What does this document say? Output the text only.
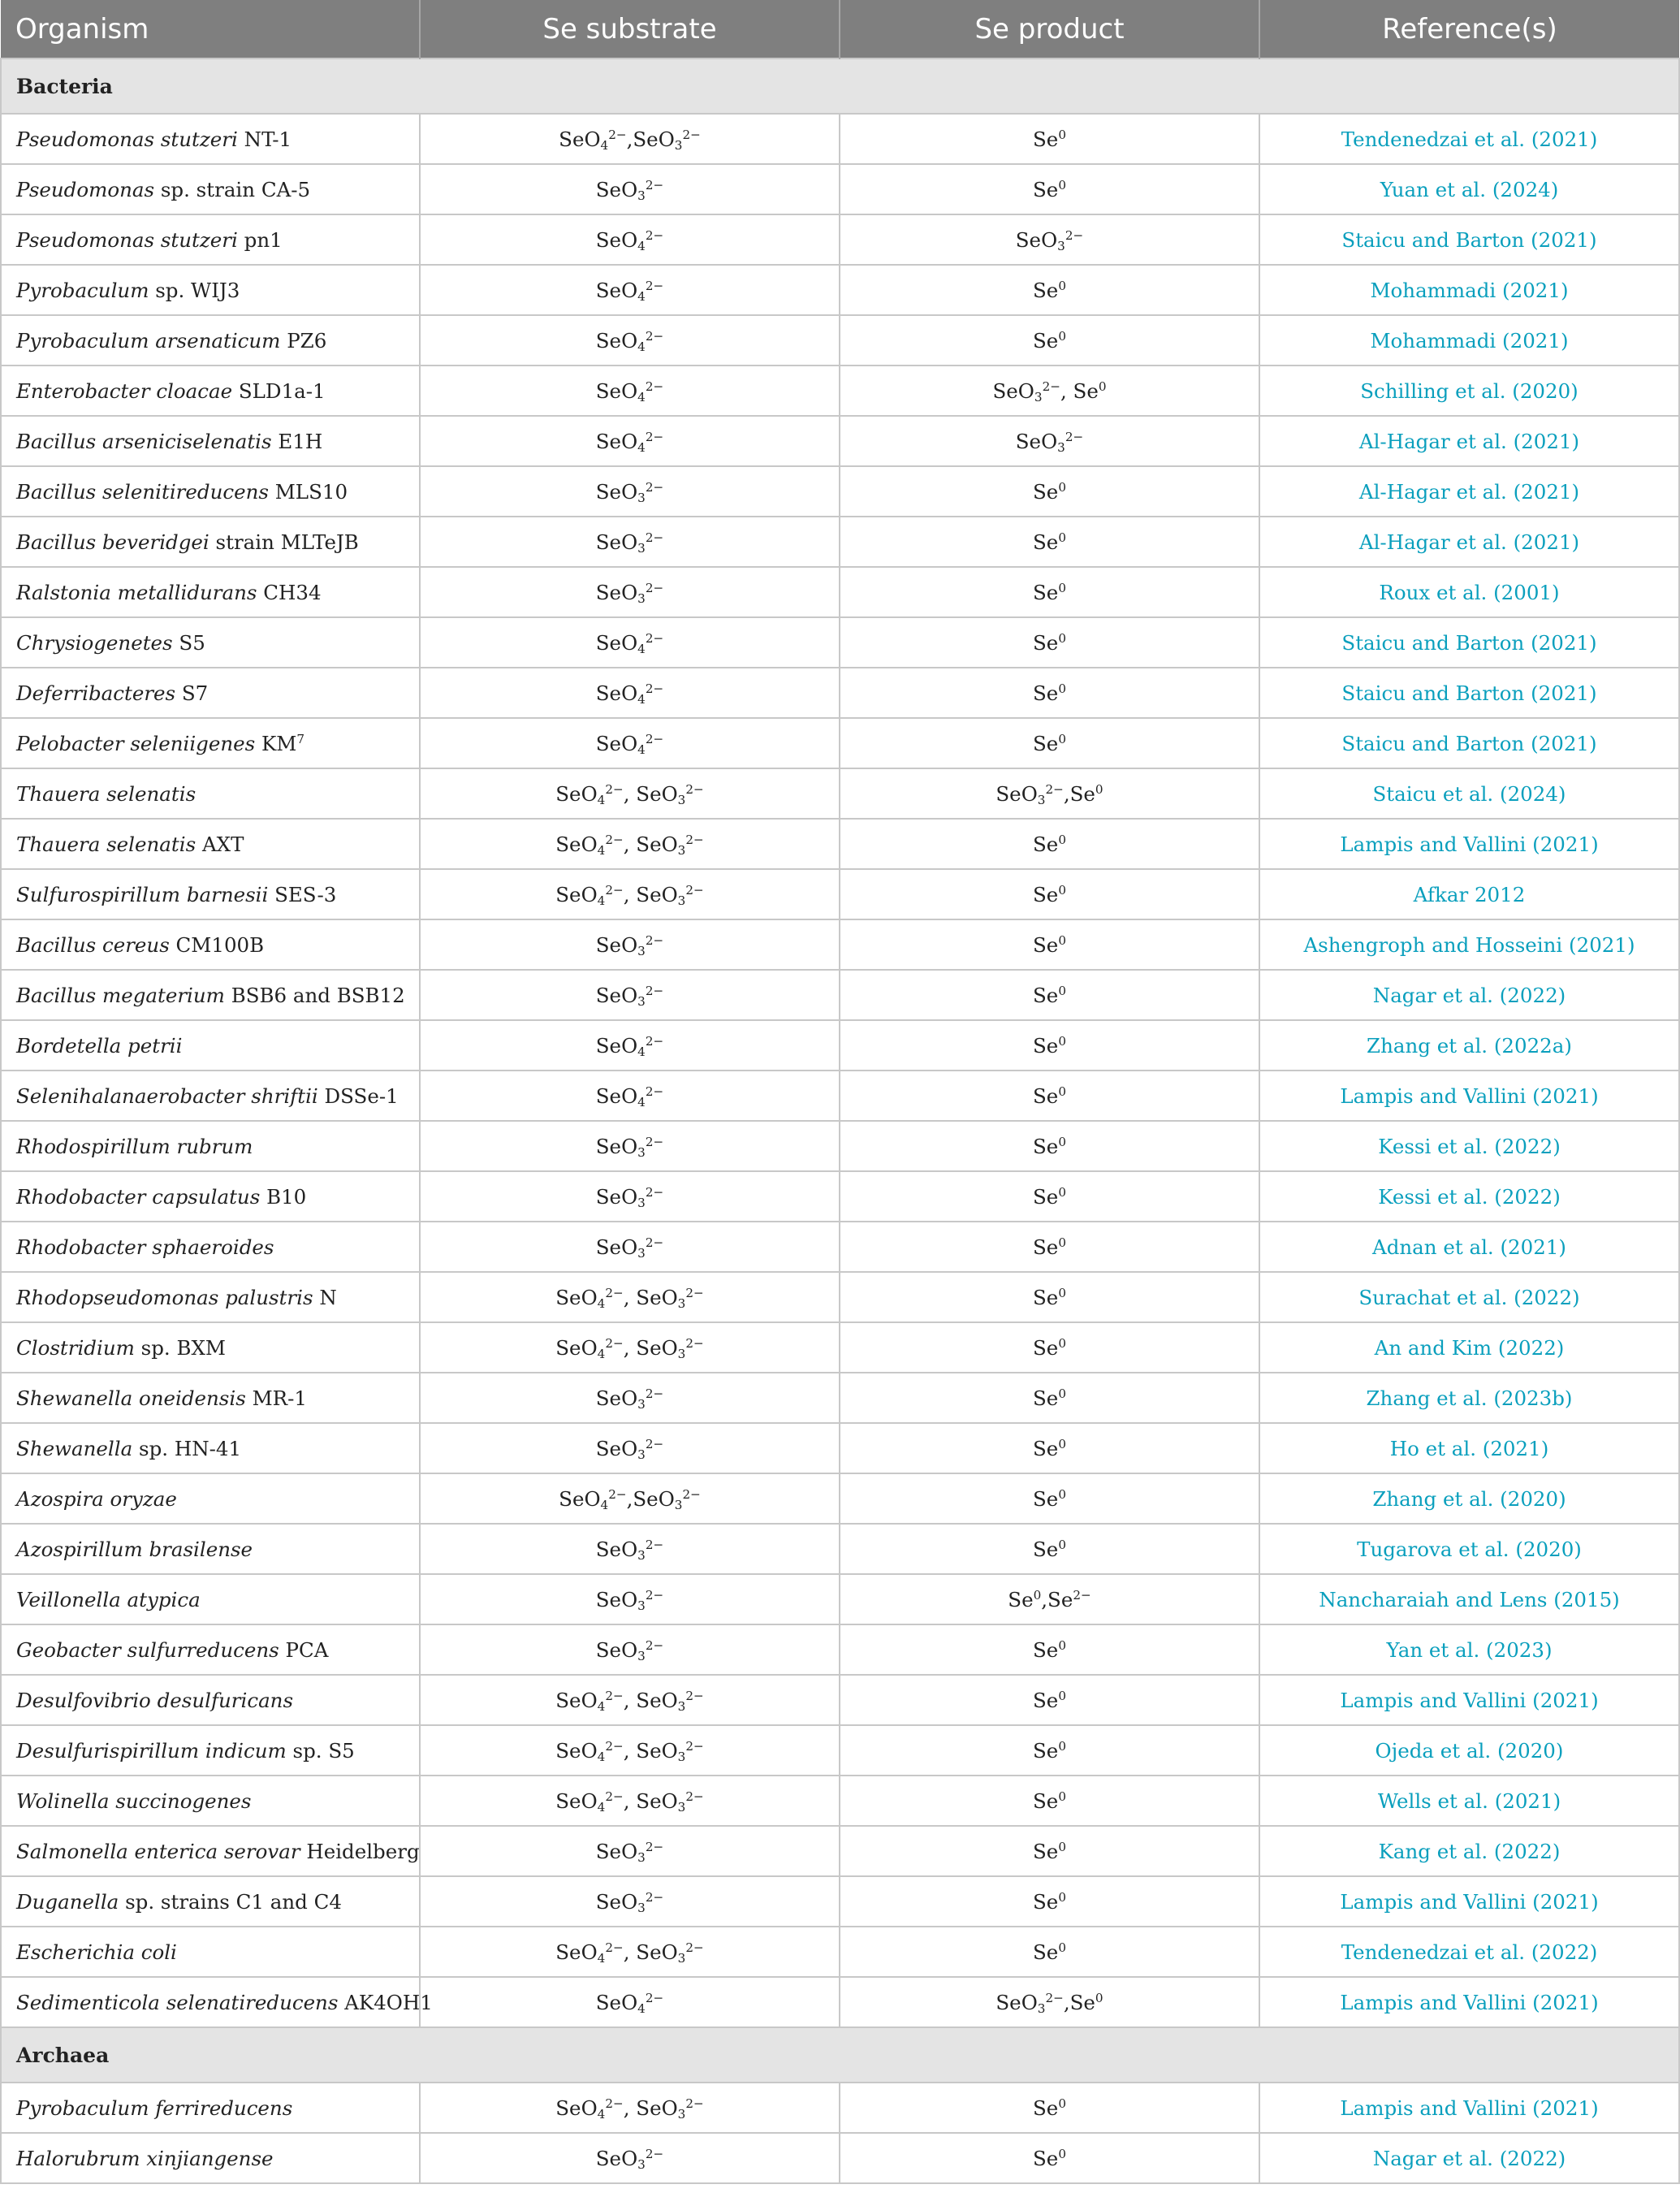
Organism	Se substrate	Se product	Reference(s)
Bacteria			
Pseudomonas stutzeri NT-1	SeO$_4^{2-}$,SeO$_3^{2-}$	Se$^0$	Tendenedzai et al. (2021)
Pseudomonas sp. strain CA-5	SeO$_3^{2-}$	Se$^0$	Yuan et al. (2024)
Pseudomonas stutzeri pn1	SeO$_4^{2-}$	SeO$_3^{2-}$	Staicu and Barton (2021)
Pyrobaculum sp. WIJ3	SeO$_4^{2-}$	Se$^0$	Mohammadi (2021)
Pyrobaculum arsenaticum PZ6	SeO$_4^{2-}$	Se$^0$	Mohammadi (2021)
Enterobacter cloacae SLD1a-1	SeO$_4^{2-}$	SeO$_3^{2-}$, Se$^0$	Schilling et al. (2020)
Bacillus arseniciselenatis E1H	SeO$_4^{2-}$	SeO$_3^{2-}$	Al-Hagar et al. (2021)
Bacillus selenitireducens MLS10	SeO$_3^{2-}$	Se$^0$	Al-Hagar et al. (2021)
Bacillus beveridgei strain MLTeJB	SeO$_3^{2-}$	Se$^0$	Al-Hagar et al. (2021)
Ralstonia metallidurans CH34	SeO$_3^{2-}$	Se$^0$	Roux et al. (2001)
Chrysiogenetes S5	SeO$_4^{2-}$	Se$^0$	Staicu and Barton (2021)
Deferribacteres S7	SeO$_4^{2-}$	Se$^0$	Staicu and Barton (2021)
Pelobacter seleniigenes $KM^7$	SeO$_4^{2-}$	Se$^0$	Staicu and Barton (2021)
Thauera selenatis	SeO$_4^{2-}$, SeO$_3^{2-}$	SeO$_3^{2-}$,Se$^0$	Staicu et al. (2024)
Thauera selenatis AXT	SeO$_4^{2-}$, SeO$_3^{2-}$	Se$^0$	Lampis and Vallini (2021)
Sulfurospirillum barnesii SES-3	SeO$_4^{2-}$, SeO$_3^{2-}$	Se$^0$	Afkar 2012
Bacillus cereus CM100B	SeO$_3^{2-}$	Se$^0$	Ashengroph and Hosseini (2021)
Bacillus megaterium BSB6 and BSB12	SeO$_3^{2-}$	Se$^0$	Nagar et al. (2022)
Bordetella petrii	SeO$_4^{2-}$	Se$^0$	Zhang et al. (2022a)
Selenihalanaerobacter shriftii DSSe-1	SeO$_4^{2-}$	Se$^0$	Lampis and Vallini (2021)
Rhodospirillum rubrum	SeO$_3^{2-}$	Se$^0$	Kessi et al. (2022)
Rhodobacter capsulatus B10	SeO$_3^{2-}$	Se$^0$	Kessi et al. (2022)
Rhodobacter sphaeroides	SeO$_3^{2-}$	Se$^0$	Adnan et al. (2021)
Rhodopseudomonas palustris N	SeO$_4^{2-}$, SeO$_3^{2-}$	Se$^0$	Surachat et al. (2022)
Clostridium sp. BXM	SeO$_4^{2-}$, SeO$_3^{2-}$	Se$^0$	An and Kim (2022)
Shewanella oneidensis MR-1	SeO$_3^{2-}$	Se$^0$	Zhang et al. (2023b)
Shewanella sp. HN-41	SeO$_3^{2-}$	Se$^0$	Ho et al. (2021)
Azospira oryzae	SeO$_4^{2-}$,SeO$_3^{2-}$	Se$^0$	Zhang et al. (2020)
Azospirillum brasilense	SeO$_3^{2-}$	Se$^0$	Tugarova et al. (2020)
Veillonella atypica	SeO$_3^{2-}$	$Se^0,Se^{2-}$	Nancharaiah and Lens (2015)
Geobacter sulfurreducens PCA	SeO$_3^{2-}$	Se$^0$	Yan et al. (2023)
Desulfovibrio desulfuricans	SeO$_4^{2-}$, SeO$_3^{2-}$	Se$^0$	Lampis and Vallini (2021)
Desulfurispirillum indicum sp. S5	SeO$_4^{2-}$, SeO$_3^{2-}$	Se$^0$	Ojeda et al. (2020)
Wolinella succinogenes	SeO$_4^{2-}$, SeO$_3^{2-}$	Se$^0$	Wells et al. (2021)
Salmonella enterica serovar Heidelberg	SeO$_3^{2-}$	Se$^0$	Kang et al. (2022)
Duganella sp. strains C1 and C4	SeO$_3^{2-}$	Se$^0$	Lampis and Vallini (2021)
Escherichia coli	SeO$_4^{2-}$, SeO$_3^{2-}$	Se$^0$	Tendenedzai et al. (2022)
Sedimenticola selenatireducens AK4OH1	SeO$_4^{2-}$	SeO$_3^{2-}$,Se$^0$	Lampis and Vallini (2021)
Archaea			
Pyrobaculum ferrireducens	SeO$_4^{2-}$, SeO$_3^{2-}$	Se$^0$	Lampis and Vallini (2021)
Halorubrum xinjiangense	SeO$_3^{2-}$	Se$^0$	Nagar et al. (2022)
